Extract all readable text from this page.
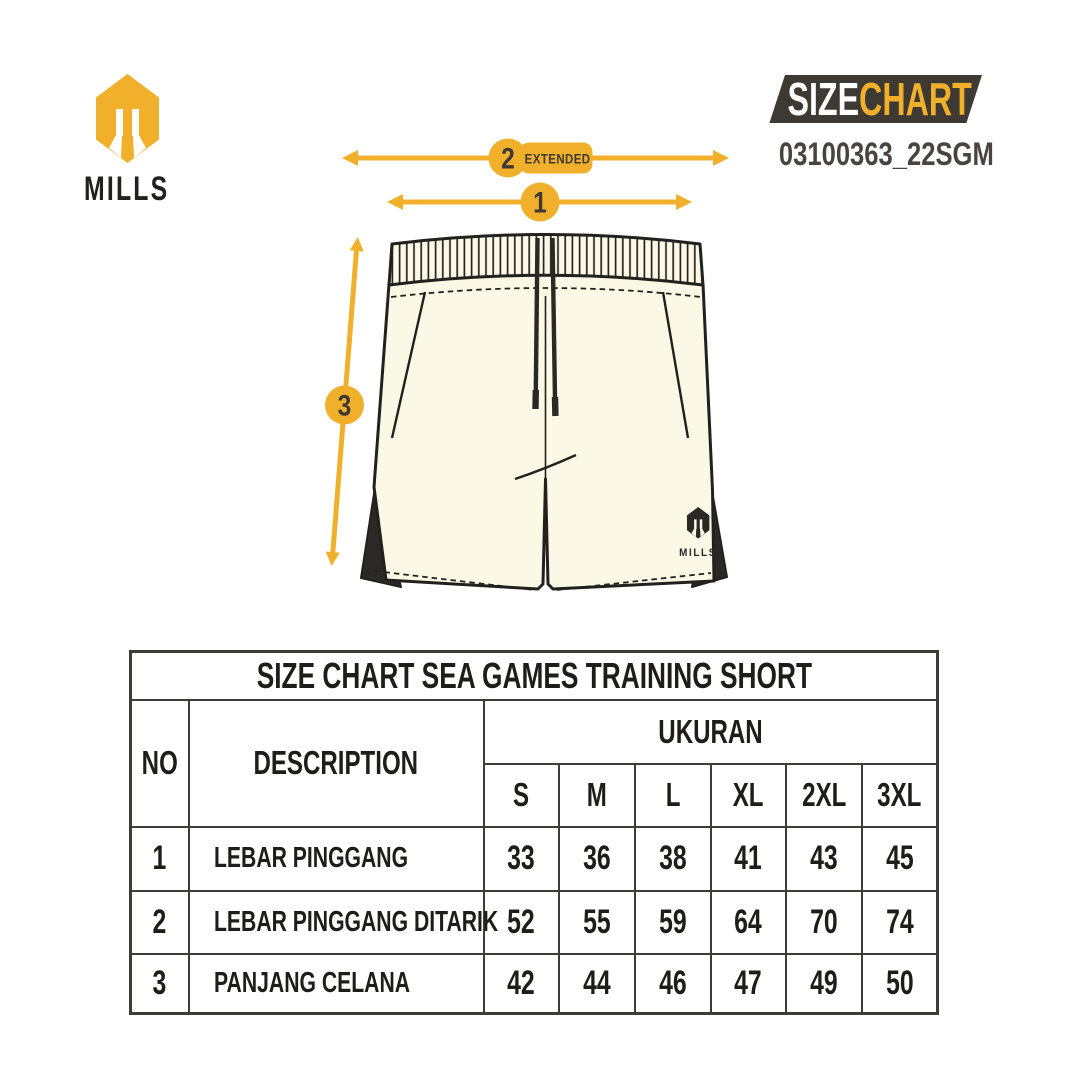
MILLS
SIZECHART
03100363_22SGM
2 EXTENDED
1
3
MILLS
SIZE CHART SEA GAMES TRAINING SHORT							
NO	DESCRIPTION	UKURAN					
		S	M	L	XL	2XL	3XL
1	LEBAR PINGGANG	33	36	38	41	43	45
2	LEBAR PINGGANG DITARIK	52	55	59	64	70	74
3	PANJANG CELANA	42	44	46	47	49	50
